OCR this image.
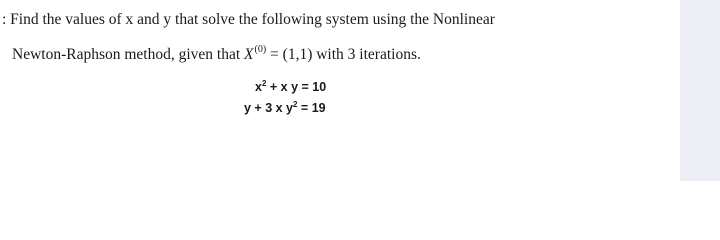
: Find the values of x and y that solve the following system using the Nonlinear
Newton-Raphson method, given that $X^{(0)} = (1,1)$ with 3 iterations.
$x^2 + x$ y = 10
y + 3 x $y^2 = 19$
